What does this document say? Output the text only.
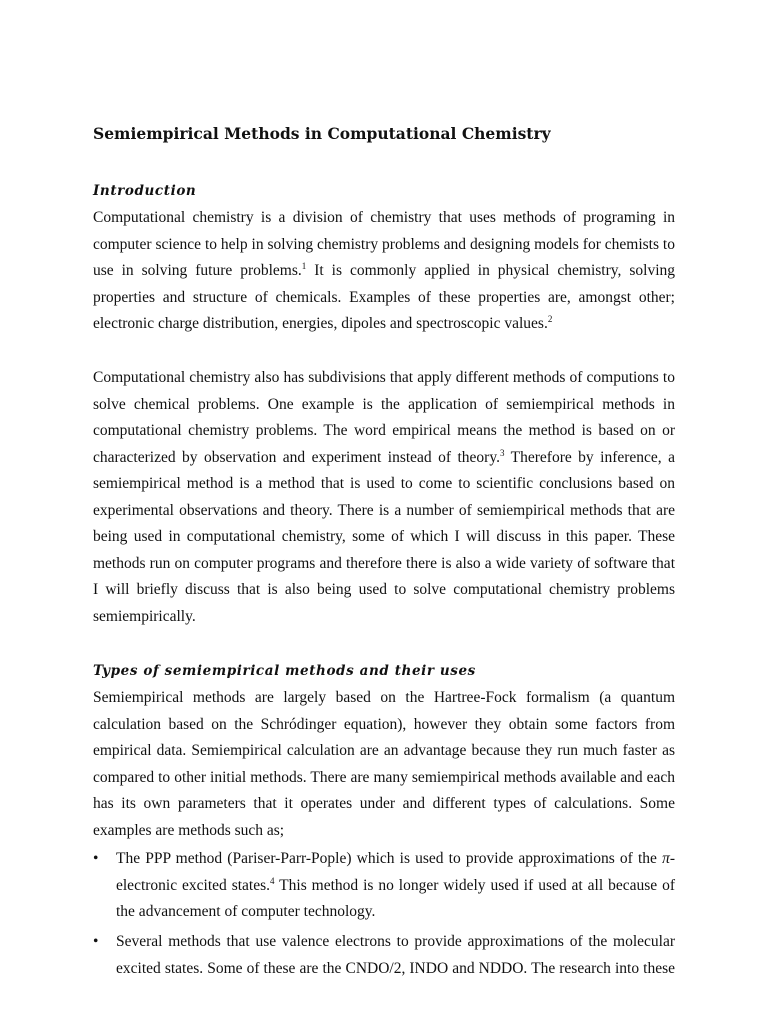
Semiempirical Methods in Computational Chemistry
Introduction
Computational chemistry is a division of chemistry that uses methods of programing in
computer science to help in solving chemistry problems and designing models for chemists to
use in solving future problems.$^1$ It is commonly applied in physical chemistry, solving
properties and structure of chemicals. Examples of these properties are, amongst other;
electronic charge distribution, energies, dipoles and spectroscopic values.$^2$
Computational chemistry also has subdivisions that apply different methods of computions to
solve chemical problems. One example is the application of semiempirical methods in
computational chemistry problems. The word empirical means the method is based on or
characterized by observation and experiment instead of theory.$^3$ Therefore by inference, a
semiempirical method is a method that is used to come to scientific conclusions based on
experimental observations and theory. There is a number of semiempirical methods that are
being used in computational chemistry, some of which I will discuss in this paper. These
methods run on computer programs and therefore there is also a wide variety of software that
I will briefly discuss that is also being used to solve computational chemistry problems
semiempirically.
Types of semiempirical methods and their uses
Semiempirical methods are largely based on the Hartree-Fock formalism (a quantum
calculation based on the Schródinger equation), however they obtain some factors from
empirical data. Semiempirical calculation are an advantage because they run much faster as
compared to other initial methods. There are many semiempirical methods available and each
has its own parameters that it operates under and different types of calculations. Some
examples are methods such as;
• The PPP method (Pariser-Parr-Pople) which is used to provide approximations of the π-
electronic excited states.$^4$ This method is no longer widely used if used at all because of
the advancement of computer technology.
• Several methods that use valence electrons to provide approximations of the molecular
excited states. Some of these are the CNDO/2, INDO and NDDO. The research into these
